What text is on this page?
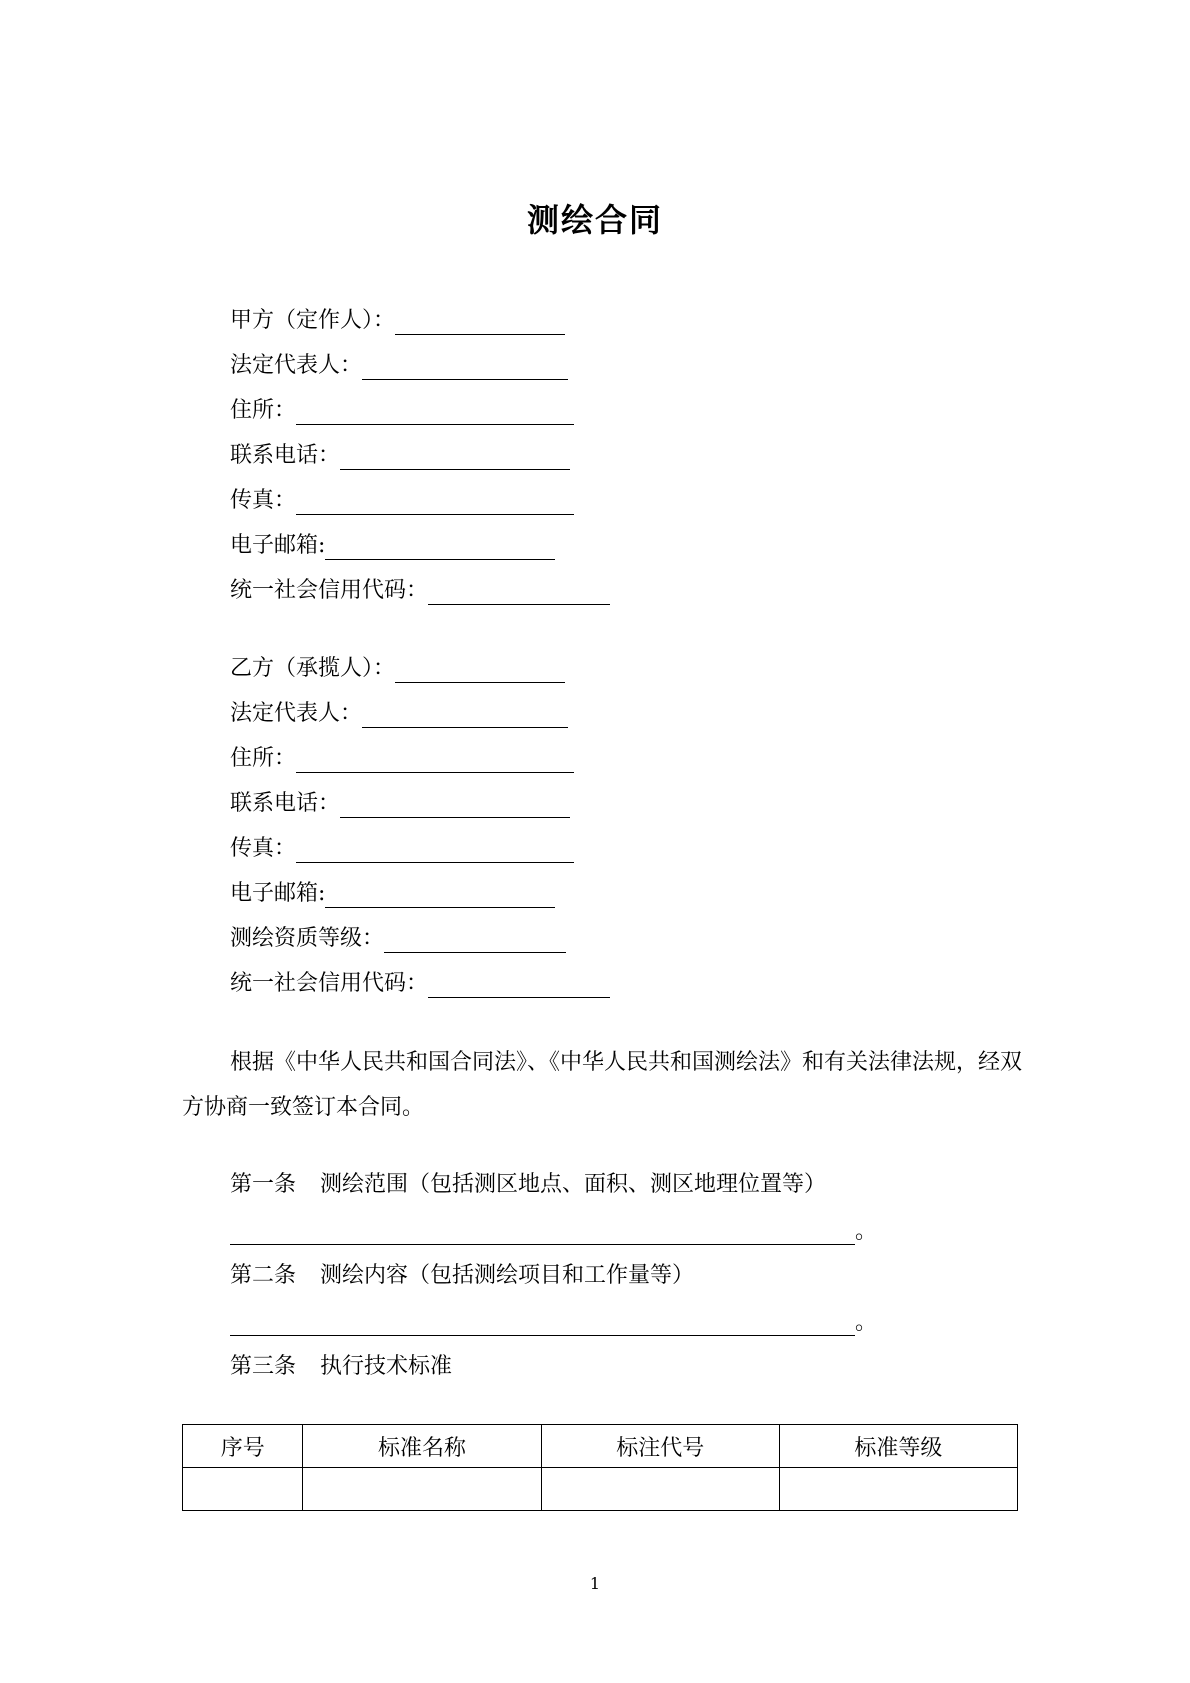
测绘合同
甲方（定作人）：
法定代表人：
住所：
联系电话：
传真：
电子邮箱:
统一社会信用代码：
乙方（承揽人）：
法定代表人：
住所：
联系电话：
传真：
电子邮箱:
测绘资质等级：
统一社会信用代码：
根据《中华人民共和国合同法》、《中华人民共和国测绘法》和有关法律法规，经双方协商一致签订本合同。
第一条 测绘范围（包括测区地点、面积、测区地理位置等）
。
第二条 测绘内容（包括测绘项目和工作量等）
。
第三条 执行技术标准
序号	标准名称	标注代号	标准等级

1
